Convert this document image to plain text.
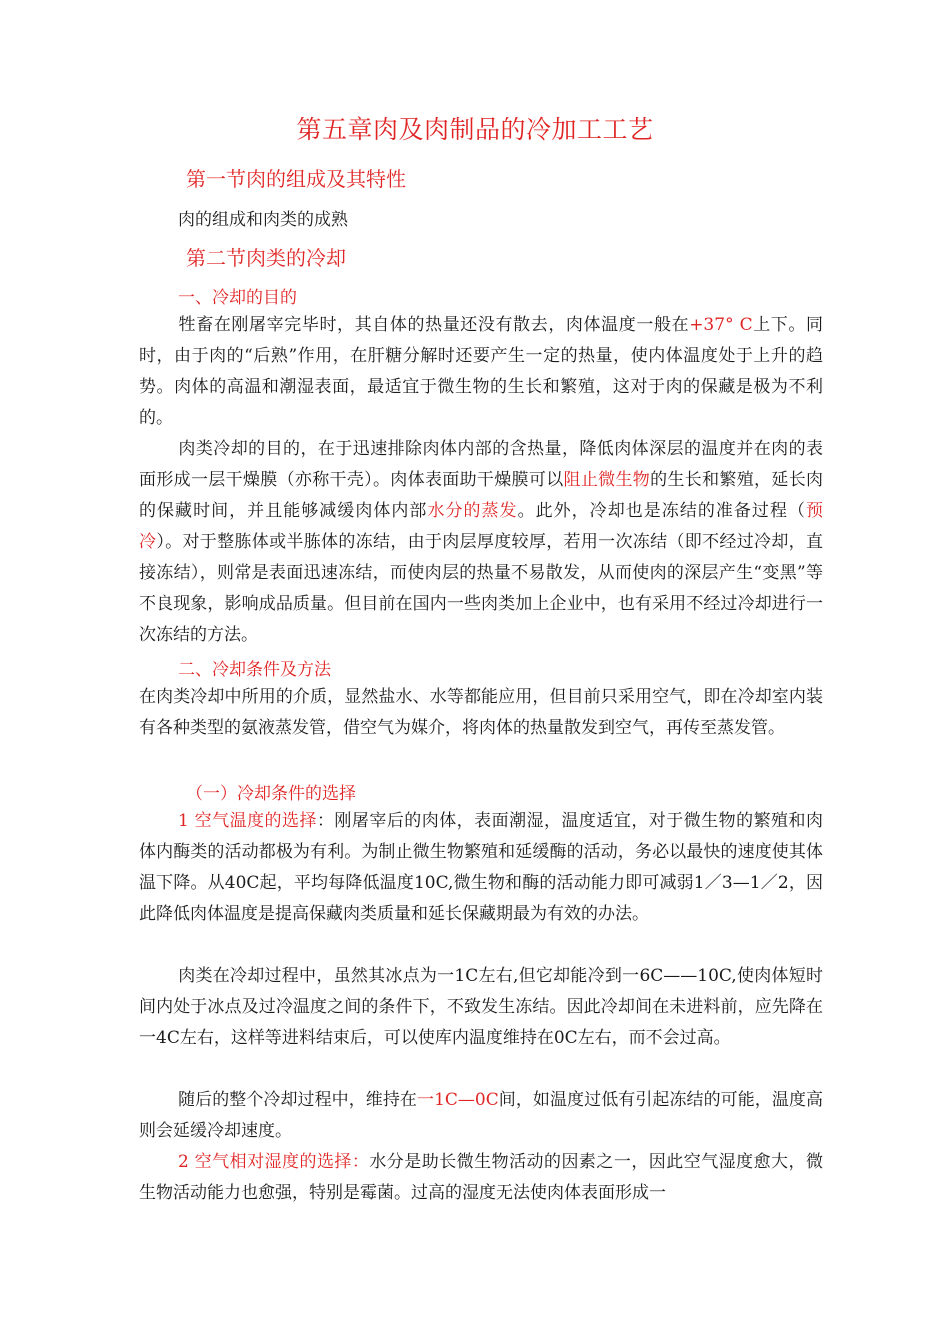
第五章肉及肉制品的冷加工工艺
第一节肉的组成及其特性
肉的组成和肉类的成熟
第二节肉类的冷却
一、冷却的目的

牲畜在刚屠宰完毕时，其自体的热量还没有散去，肉体温度一般在+37° C上下。同时，由于肉的“后熟”作用，在肝糖分解时还要产生一定的热量，使内体温度处于上升的趋势。肉体的高温和潮湿表面，最适宜于微生物的生长和繁殖，这对于肉的保藏是极为不利的。

肉类冷却的目的，在于迅速排除肉体内部的含热量，降低肉体深层的温度并在肉的表面形成一层干燥膜（亦称干壳）。肉体表面助干燥膜可以阻止微生物的生长和繁殖，延长肉的保藏时间，并且能够减缓肉体内部水分的蒸发。此外，冷却也是冻结的准备过程（预冷）。对于整胨体或半胨体的冻结，由于肉层厚度较厚，若用一次冻结（即不经过冷却，直接冻结），则常是表面迅速冻结，而使肉层的热量不易散发，从而使肉的深层产生“变黑”等不良现象，影响成品质量。但目前在国内一些肉类加上企业中，也有采用不经过冷却进行一次冻结的方法。

二、冷却条件及方法

在肉类冷却中所用的介质，显然盐水、水等都能应用，但目前只采用空气，即在冷却室内装有各种类型的氨液蒸发管，借空气为媒介，将肉体的热量散发到空气，再传至蒸发管。

（一）冷却条件的选择

1 空气温度的选择：刚屠宰后的肉体，表面潮湿，温度适宜，对于微生物的繁殖和肉体内酶类的活动都极为有利。为制止微生物繁殖和延缓酶的活动，务必以最快的速度使其体温下降。从40C起，平均每降低温度10C,微生物和酶的活动能力即可减弱1／3—1／2，因此降低肉体温度是提高保藏肉类质量和延长保藏期最为有效的办法。

肉类在冷却过程中，虽然其冰点为一1C左右,但它却能冷到一6C——10C,使肉体短时间内处于冰点及过冷温度之间的条件下，不致发生冻结。因此冷却间在未进料前，应先降在一4C左右，这样等进料结束后，可以使库内温度维持在0C左右，而不会过高。

随后的整个冷却过程中，维持在一1C—0C间，如温度过低有引起冻结的可能，温度高则会延缓冷却速度。

2 空气相对湿度的选择：水分是助长微生物活动的因素之一，因此空气湿度愈大，微生物活动能力也愈强，特别是霉菌。过高的湿度无法使肉体表面形成一
